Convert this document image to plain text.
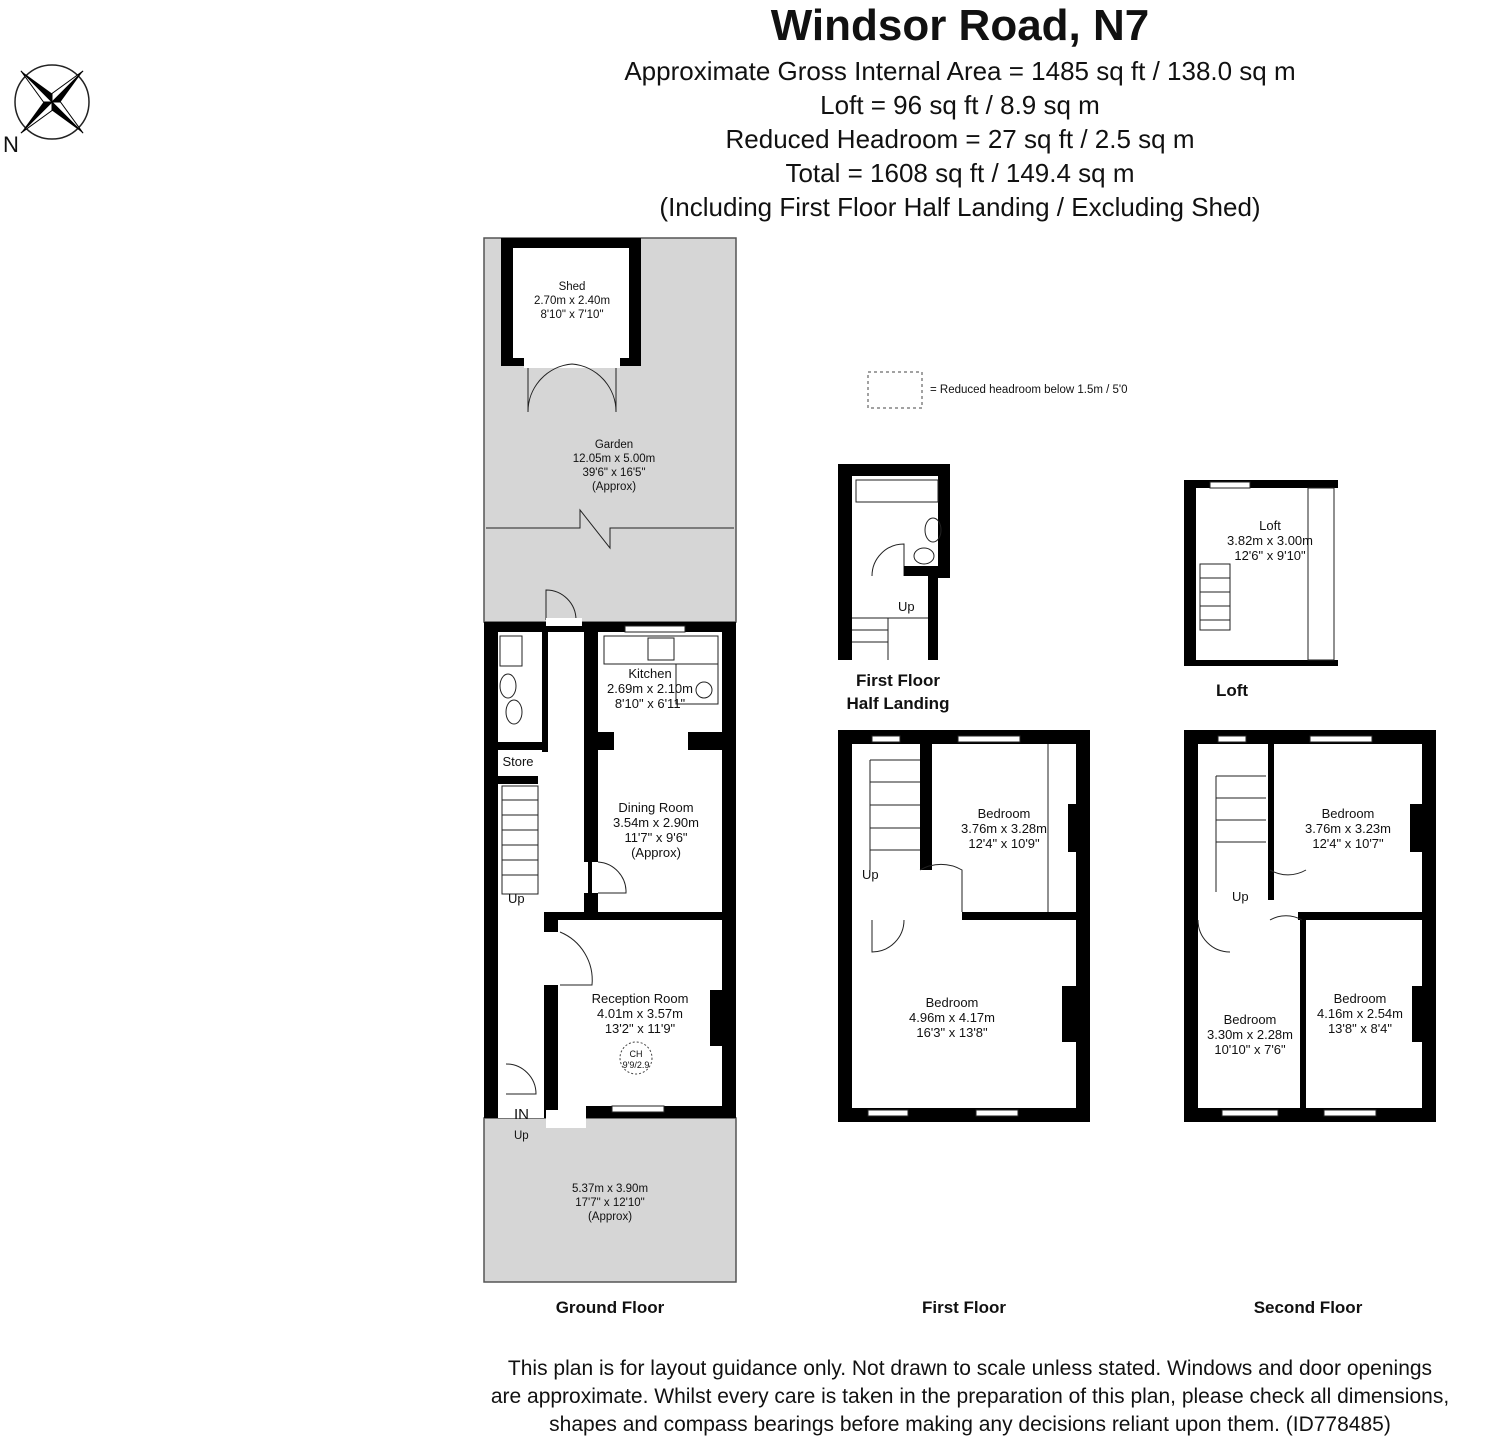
Windsor Road, N7
Approximate Gross Internal Area = 1485 sq ft / 138.0 sq m
Loft = 96 sq ft / 8.9 sq m
Reduced Headroom = 27 sq ft / 2.5 sq m
Total = 1608 sq ft / 149.4 sq m
(Including First Floor Half Landing / Excluding Shed)
N
= Reduced headroom below 1.5m / 5'0
Shed
2.70m x 2.40m
8'10" x 7'10"
Garden
12.05m x 5.00m
39'6" x 16'5"
(Approx)
Kitchen
2.69m x 2.10m
8'10" x 6'11"
Store
Dining Room
3.54m x 2.90m
11'7" x 9'6"
(Approx)
Reception Room
4.01m x 3.57m
13'2" x 11'9"
CH
9'9/2.9
5.37m x 3.90m
17'7" x 12'10"
(Approx)
Bedroom
3.76m x 3.28m
12'4" x 10'9"
Bedroom
4.96m x 4.17m
16'3" x 13'8"
Loft
3.82m x 3.00m
12'6" x 9'10"
Bedroom
3.76m x 3.23m
12'4" x 10'7"
Bedroom
3.30m x 2.28m
10'10" x 7'6"
Bedroom
4.16m x 2.54m
13'8" x 8'4"
Up
IN
Up
Up
Up
Up
Ground Floor	First Floor	Second Floor
First Floor
Half Landing
Loft
This plan is for layout guidance only. Not drawn to scale unless stated. Windows and door openings
are approximate. Whilst every care is taken in the preparation of this plan, please check all dimensions,
shapes and compass bearings before making any decisions reliant upon them. (ID778485)
